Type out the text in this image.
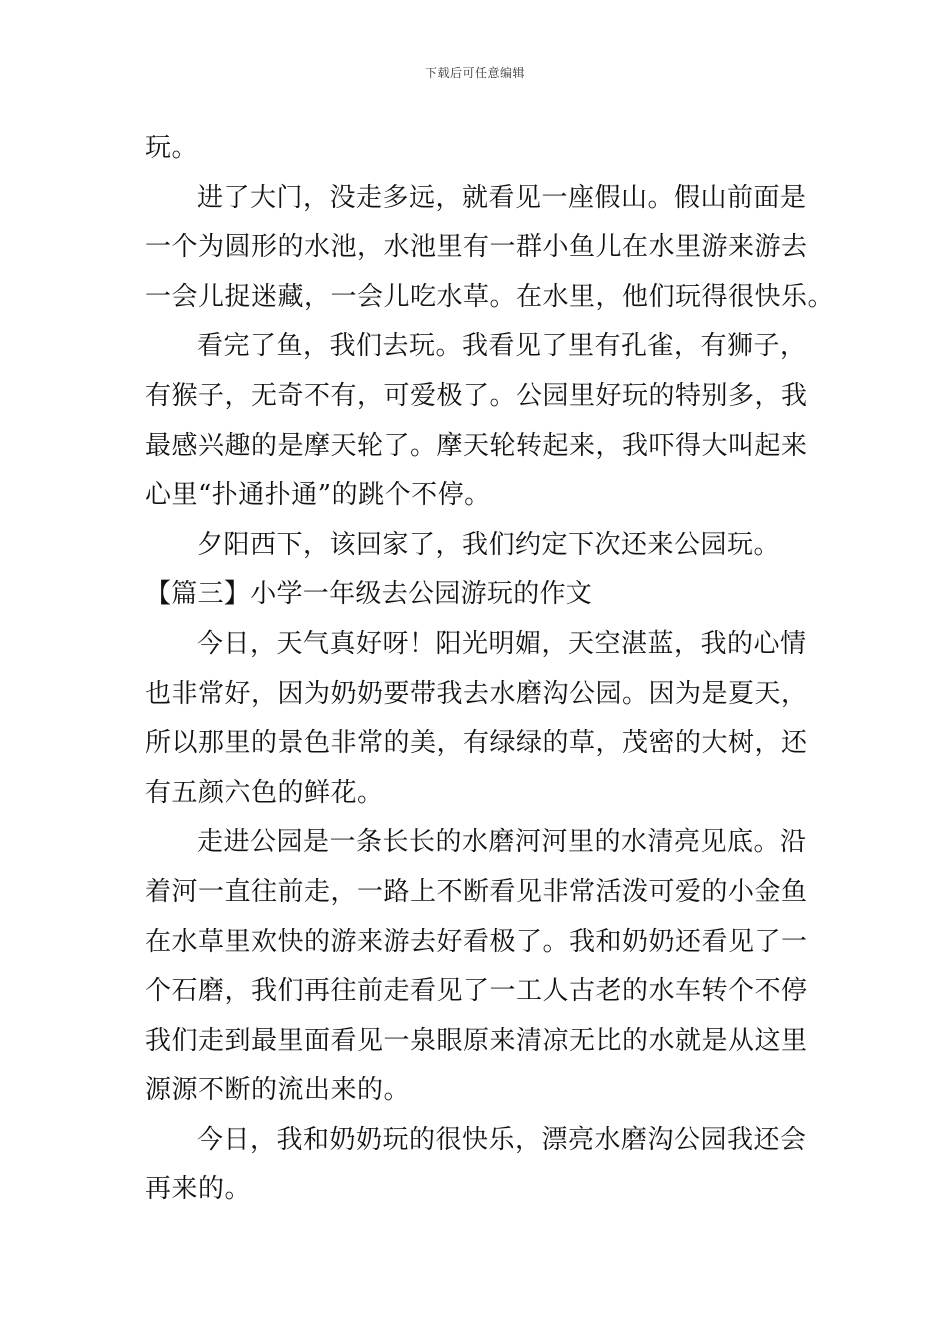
下载后可任意编辑
玩。
进了大门，没走多远，就看见一座假山。假山前面是
一个为圆形的水池，水池里有一群小鱼儿在水里游来游去
一会儿捉迷藏，一会儿吃水草。在水里，他们玩得很快乐。
看完了鱼，我们去玩。我看见了里有孔雀，有狮子，
有猴子，无奇不有，可爱极了。公园里好玩的特别多，我
最感兴趣的是摩天轮了。摩天轮转起来，我吓得大叫起来
心里“扑通扑通”的跳个不停。
夕阳西下，该回家了，我们约定下次还来公园玩。
【篇三】小学一年级去公园游玩的作文
今日，天气真好呀！阳光明媚，天空湛蓝，我的心情
也非常好，因为奶奶要带我去水磨沟公园。因为是夏天，
所以那里的景色非常的美，有绿绿的草，茂密的大树，还
有五颜六色的鲜花。
走进公园是一条长长的水磨河河里的水清亮见底。沿
着河一直往前走，一路上不断看见非常活泼可爱的小金鱼
在水草里欢快的游来游去好看极了。我和奶奶还看见了一
个石磨，我们再往前走看见了一工人古老的水车转个不停
我们走到最里面看见一泉眼原来清凉无比的水就是从这里
源源不断的流出来的。
今日，我和奶奶玩的很快乐，漂亮水磨沟公园我还会
再来的。
